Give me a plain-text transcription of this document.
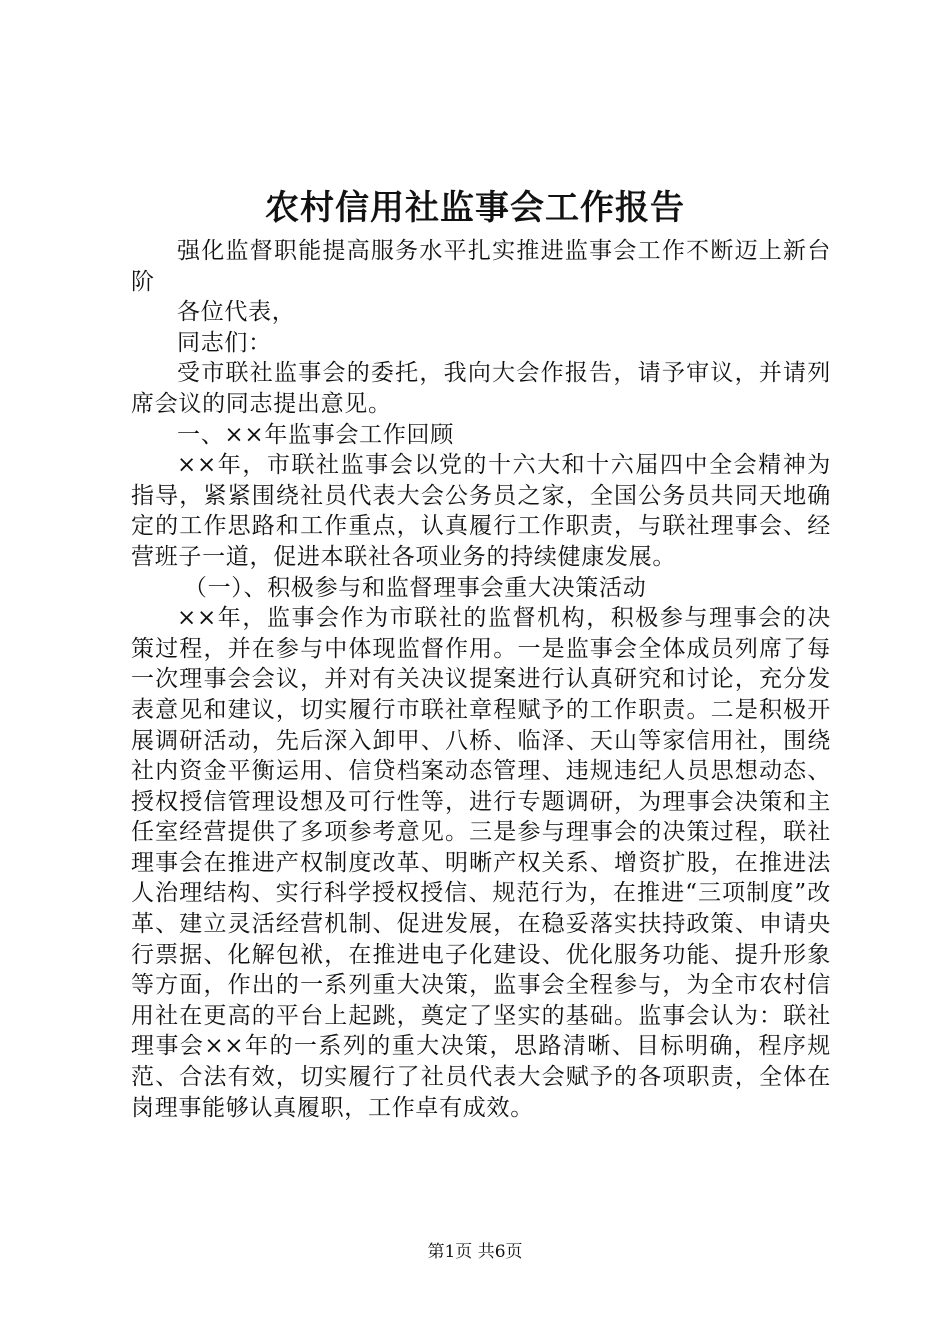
农村信用社监事会工作报告

强化监督职能提高服务水平扎实推进监事会工作不断迈上新台阶

各位代表，

同志们：

受市联社监事会的委托，我向大会作报告，请予审议，并请列席会议的同志提出意见。

一、××年监事会工作回顾

××年，市联社监事会以党的十六大和十六届四中全会精神为指导，紧紧围绕社员代表大会公务员之家，全国公务员共同天地确定的工作思路和工作重点，认真履行工作职责，与联社理事会、经营班子一道，促进本联社各项业务的持续健康发展。

（一）、积极参与和监督理事会重大决策活动

××年，监事会作为市联社的监督机构，积极参与理事会的决策过程，并在参与中体现监督作用。一是监事会全体成员列席了每一次理事会会议，并对有关决议提案进行认真研究和讨论，充分发表意见和建议，切实履行市联社章程赋予的工作职责。二是积极开展调研活动，先后深入卸甲、八桥、临泽、天山等家信用社，围绕社内资金平衡运用、信贷档案动态管理、违规违纪人员思想动态、授权授信管理设想及可行性等，进行专题调研，为理事会决策和主任室经营提供了多项参考意见。三是参与理事会的决策过程，联社理事会在推进产权制度改革、明晰产权关系、增资扩股，在推进法人治理结构、实行科学授权授信、规范行为，在推进“三项制度”改革、建立灵活经营机制、促进发展，在稳妥落实扶持政策、申请央行票据、化解包袱，在推进电子化建设、优化服务功能、提升形象等方面，作出的一系列重大决策，监事会全程参与，为全市农村信用社在更高的平台上起跳，奠定了坚实的基础。监事会认为：联社理事会××年的一系列的重大决策，思路清晰、目标明确，程序规范、合法有效，切实履行了社员代表大会赋予的各项职责，全体在岗理事能够认真履职，工作卓有成效。

第1页 共6页
